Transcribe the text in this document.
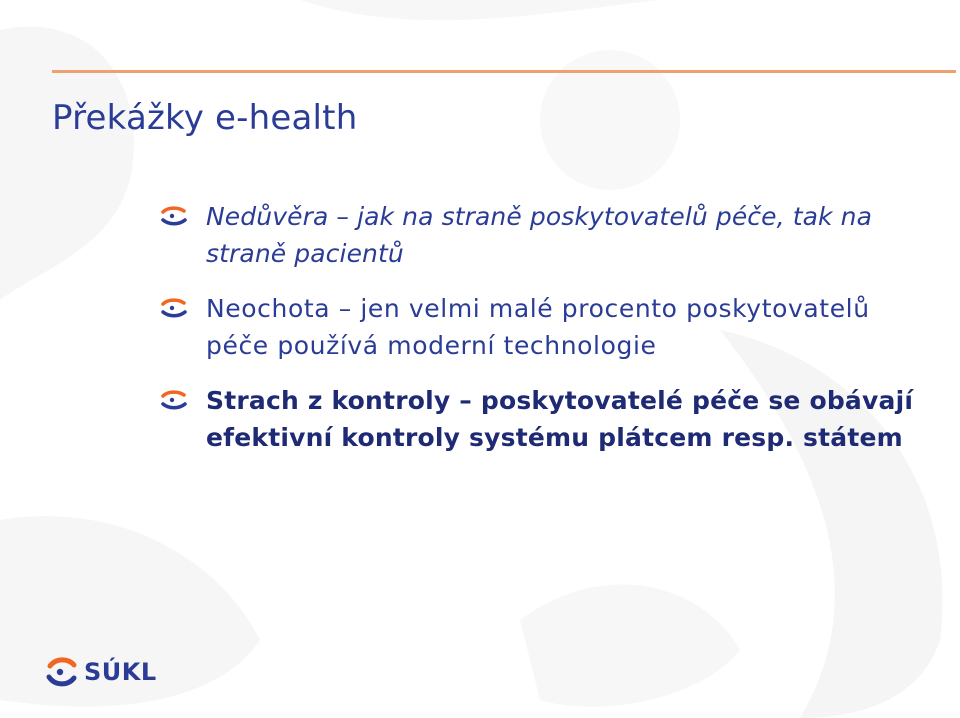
Překážky e-health
Nedůvěra – jak na straně poskytovatelů péče, tak na straně pacientů
Neochota – jen velmi malé procento poskytovatelů péče používá moderní technologie
Strach z kontroly – poskytovatelé péče se obávají efektivní kontroly systému plátcem resp. státem
SÚKL
